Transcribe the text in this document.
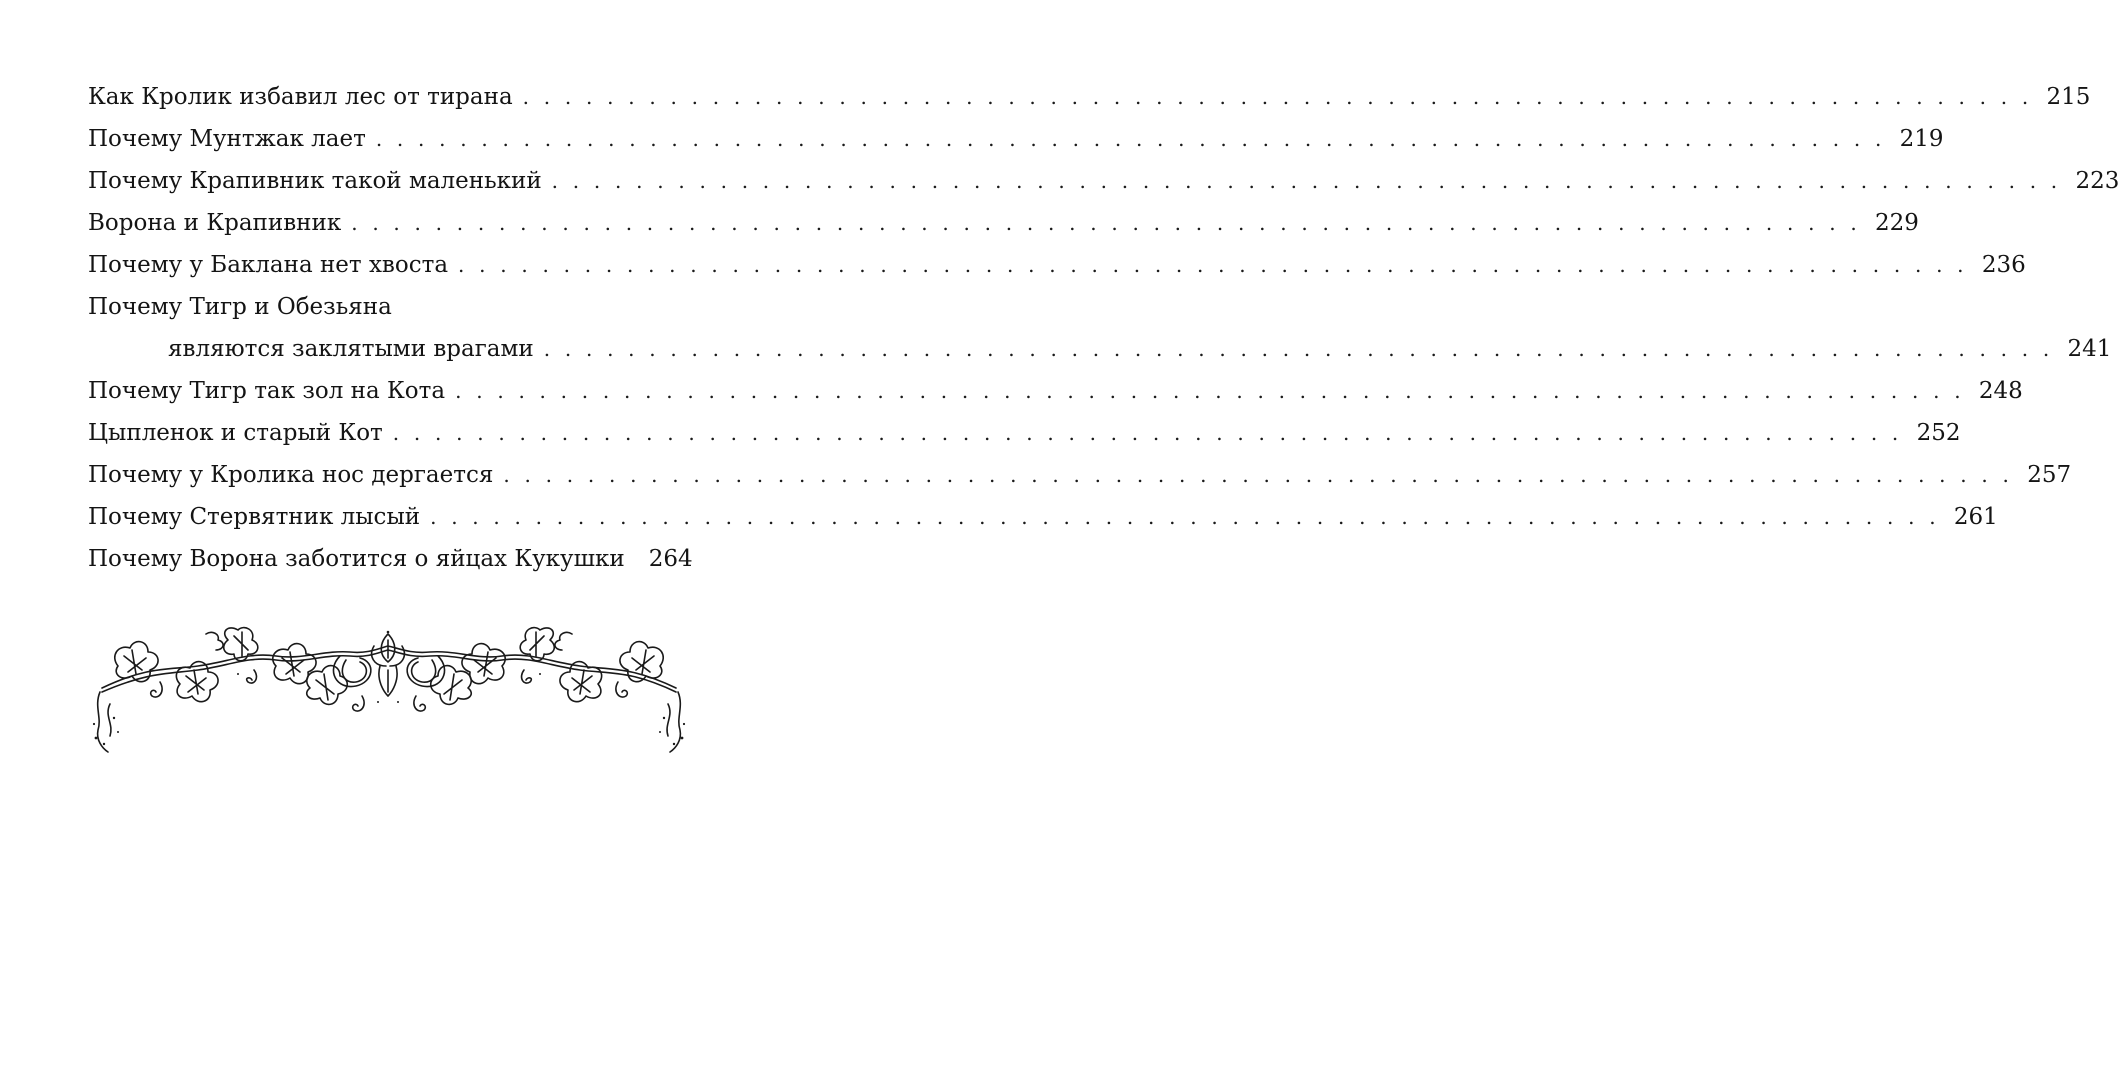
Как Кролик избавил лес от тирана . . . . . . . . . . . . . . . . . . . . . . . . . . . . . . . . . . . . . . . . . . . . . . . . . . . . . . . . . . . . . . . . . . . . . . . . 215
Почему Мунтжак лает . . . . . . . . . . . . . . . . . . . . . . . . . . . . . . . . . . . . . . . . . . . . . . . . . . . . . . . . . . . . . . . . . . . . . . . . 219
Почему Крапивник такой маленький . . . . . . . . . . . . . . . . . . . . . . . . . . . . . . . . . . . . . . . . . . . . . . . . . . . . . . . . . . . . . . . . . . . . . . . . 223
Ворона и Крапивник . . . . . . . . . . . . . . . . . . . . . . . . . . . . . . . . . . . . . . . . . . . . . . . . . . . . . . . . . . . . . . . . . . . . . . . . 229
Почему у Баклана нет хвоста . . . . . . . . . . . . . . . . . . . . . . . . . . . . . . . . . . . . . . . . . . . . . . . . . . . . . . . . . . . . . . . . . . . . . . . . 236
Почему Тигр и Обезьяна
являются заклятыми врагами . . . . . . . . . . . . . . . . . . . . . . . . . . . . . . . . . . . . . . . . . . . . . . . . . . . . . . . . . . . . . . . . . . . . . . . . 241
Почему Тигр так зол на Кота . . . . . . . . . . . . . . . . . . . . . . . . . . . . . . . . . . . . . . . . . . . . . . . . . . . . . . . . . . . . . . . . . . . . . . . . 248
Цыпленок и старый Кот . . . . . . . . . . . . . . . . . . . . . . . . . . . . . . . . . . . . . . . . . . . . . . . . . . . . . . . . . . . . . . . . . . . . . . . . 252
Почему у Кролика нос дергается . . . . . . . . . . . . . . . . . . . . . . . . . . . . . . . . . . . . . . . . . . . . . . . . . . . . . . . . . . . . . . . . . . . . . . . . 257
Почему Стервятник лысый . . . . . . . . . . . . . . . . . . . . . . . . . . . . . . . . . . . . . . . . . . . . . . . . . . . . . . . . . . . . . . . . . . . . . . . . 261
Почему Ворона заботится о яйцах Кукушки 264
